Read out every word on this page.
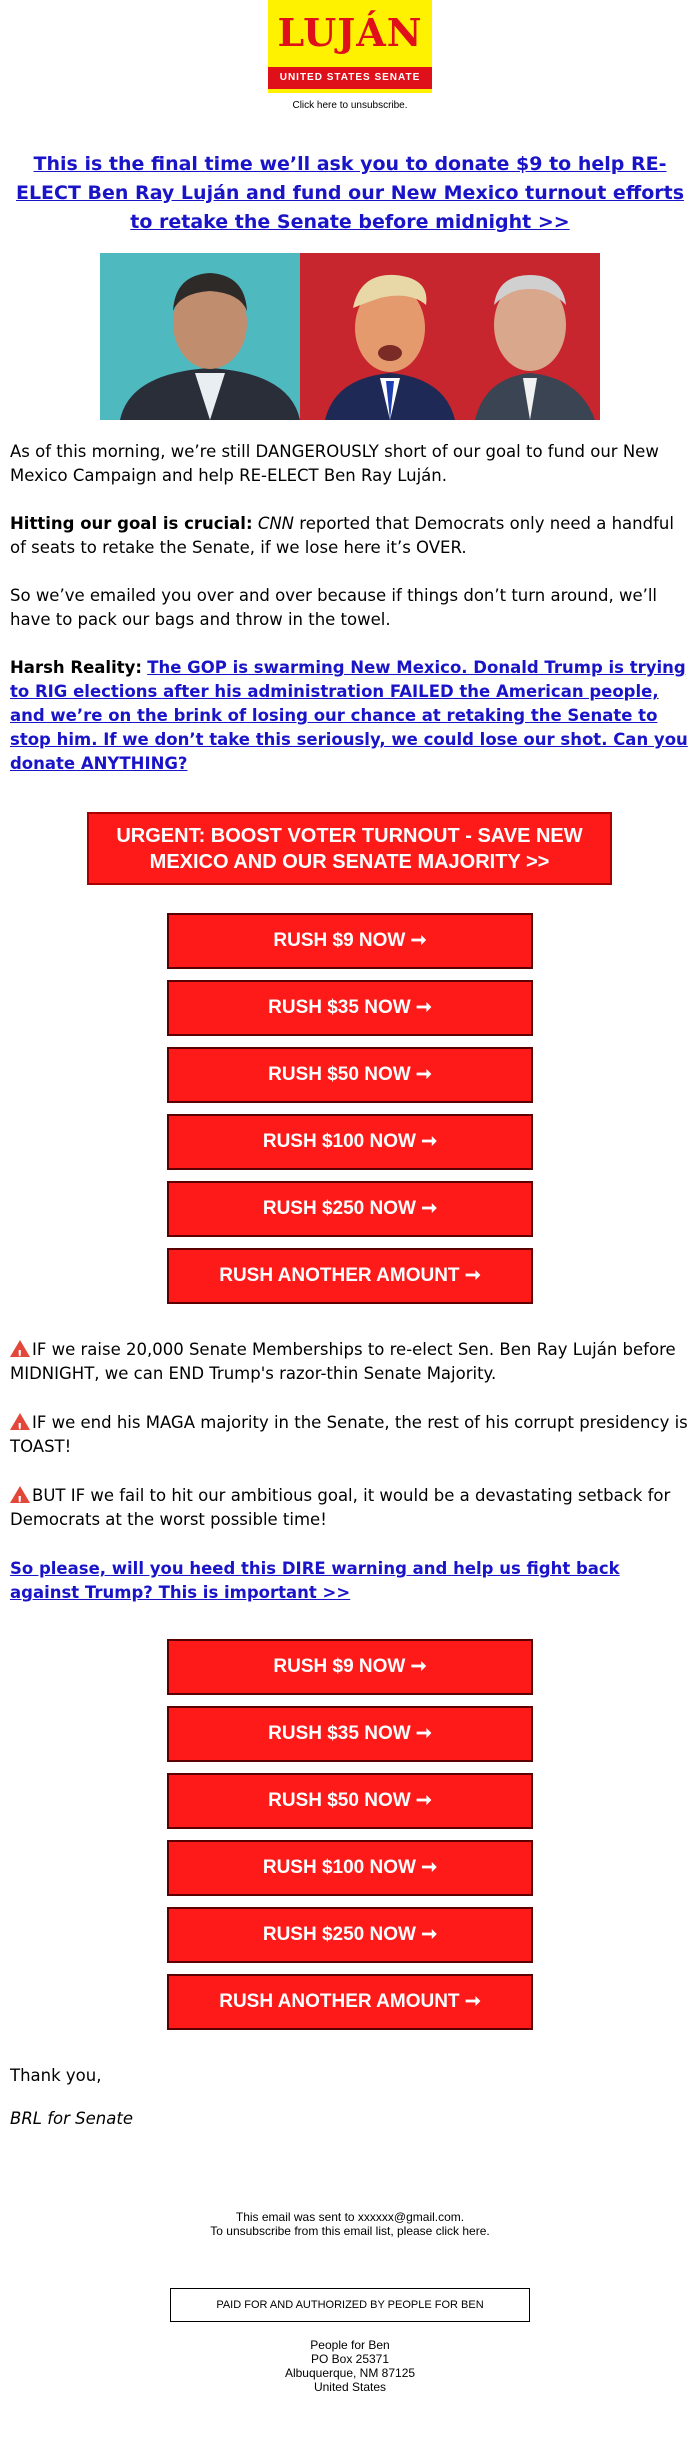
LUJÁN
UNITED STATES SENATE
Click here to unsubscribe.
This is the final time we’ll ask you to donate $9 to help RE-ELECT Ben Ray Luján and fund our New Mexico turnout efforts to retake the Senate before midnight >>

As of this morning, we’re still DANGEROUSLY short of our goal to fund our New Mexico Campaign and help RE-ELECT Ben Ray Luján.

Hitting our goal is crucial: CNN reported that Democrats only need a handful of seats to retake the Senate, if we lose here it’s OVER.

So we’ve emailed you over and over because if things don’t turn around, we’ll have to pack our bags and throw in the towel.

Harsh Reality: The GOP is swarming New Mexico. Donald Trump is trying to RIG elections after his administration FAILED the American people, and we’re on the brink of losing our chance at retaking the Senate to stop him. If we don’t take this seriously, we could lose our shot. Can you donate ANYTHING?

URGENT: BOOST VOTER TURNOUT - SAVE NEW MEXICO AND OUR SENATE MAJORITY >>
RUSH $9 NOW ➞
RUSH $35 NOW ➞
RUSH $50 NOW ➞
RUSH $100 NOW ➞
RUSH $250 NOW ➞
RUSH ANOTHER AMOUNT ➞

!IF we raise 20,000 Senate Memberships to re-elect Sen. Ben Ray Luján before MIDNIGHT, we can END Trump's razor-thin Senate Majority.

!IF we end his MAGA majority in the Senate, the rest of his corrupt presidency is TOAST!

!BUT IF we fail to hit our ambitious goal, it would be a devastating setback for Democrats at the worst possible time!

So please, will you heed this DIRE warning and help us fight back against Trump? This is important >>

RUSH $9 NOW ➞
RUSH $35 NOW ➞
RUSH $50 NOW ➞
RUSH $100 NOW ➞
RUSH $250 NOW ➞
RUSH ANOTHER AMOUNT ➞

Thank you,

BRL for Senate

This email was sent to xxxxxx@gmail.com.
To unsubscribe from this email list, please click here.
PAID FOR AND AUTHORIZED BY PEOPLE FOR BEN
People for Ben
PO Box 25371
Albuquerque, NM 87125
United States
